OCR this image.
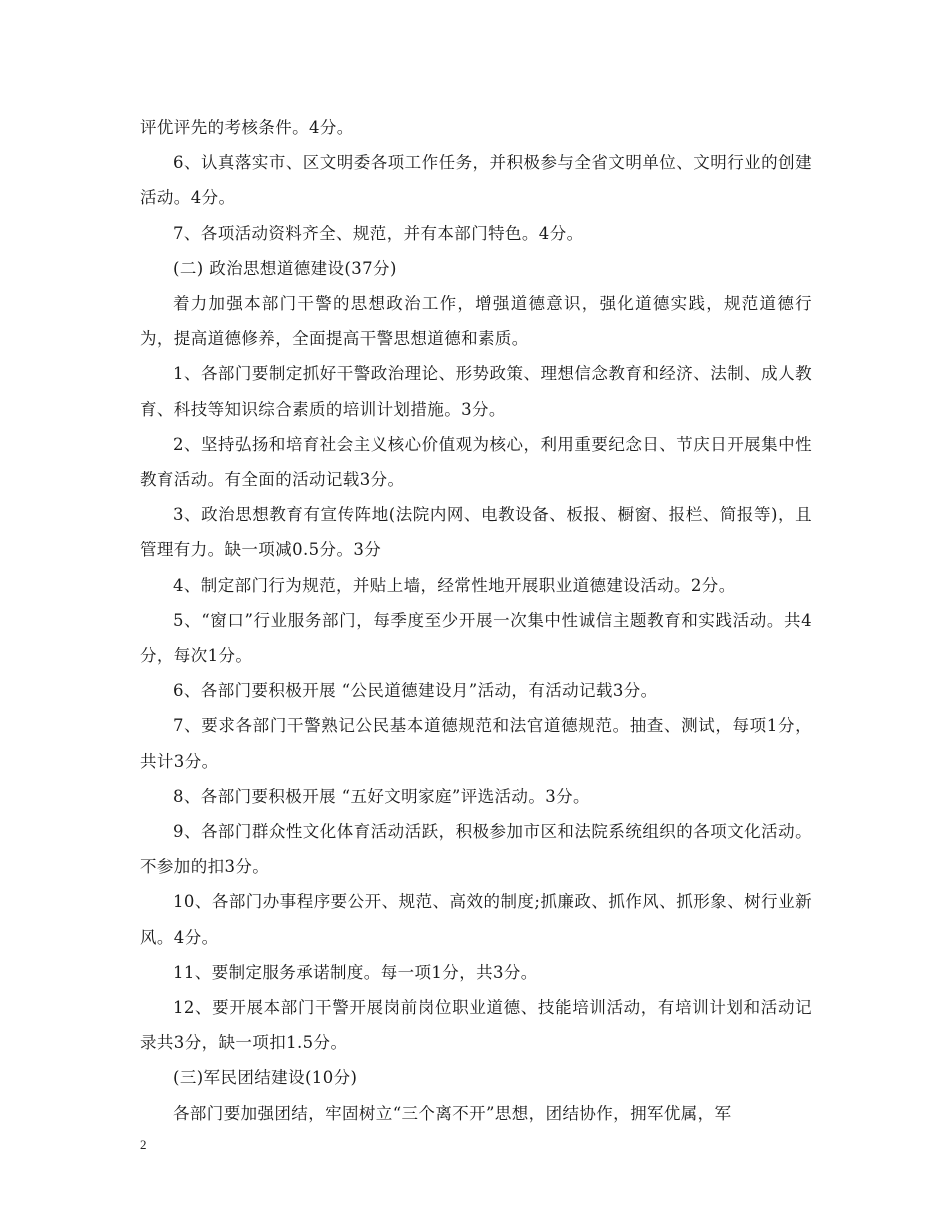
评优评先的考核条件。4分。

6、认真落实市、区文明委各项工作任务，并积极参与全省文明单位、文明行业的创建活动。4分。

7、各项活动资料齐全、规范，并有本部门特色。4分。

(二) 政治思想道德建设(37分)

着力加强本部门干警的思想政治工作，增强道德意识，强化道德实践，规范道德行为，提高道德修养，全面提高干警思想道德和素质。

1、各部门要制定抓好干警政治理论、形势政策、理想信念教育和经济、法制、成人教育、科技等知识综合素质的培训计划措施。3分。

2、坚持弘扬和培育社会主义核心价值观为核心，利用重要纪念日、节庆日开展集中性教育活动。有全面的活动记载3分。

3、政治思想教育有宣传阵地(法院内网、电教设备、板报、橱窗、报栏、简报等)，且管理有力。缺一项减0.5分。3分

4、制定部门行为规范，并贴上墙，经常性地开展职业道德建设活动。2分。

5、“窗口”行业服务部门，每季度至少开展一次集中性诚信主题教育和实践活动。共4分，每次1分。

6、各部门要积极开展 “公民道德建设月”活动，有活动记载3分。

7、要求各部门干警熟记公民基本道德规范和法官道德规范。抽查、测试，每项1分，共计3分。

8、各部门要积极开展 “五好文明家庭”评选活动。3分。

9、各部门群众性文化体育活动活跃，积极参加市区和法院系统组织的各项文化活动。不参加的扣3分。

10、各部门办事程序要公开、规范、高效的制度;抓廉政、抓作风、抓形象、树行业新风。4分。

11、要制定服务承诺制度。每一项1分，共3分。

12、要开展本部门干警开展岗前岗位职业道德、技能培训活动，有培训计划和活动记录共3分，缺一项扣1.5分。

(三)军民团结建设(10分)

各部门要加强团结，牢固树立“三个离不开”思想，团结协作，拥军优属，军

2
